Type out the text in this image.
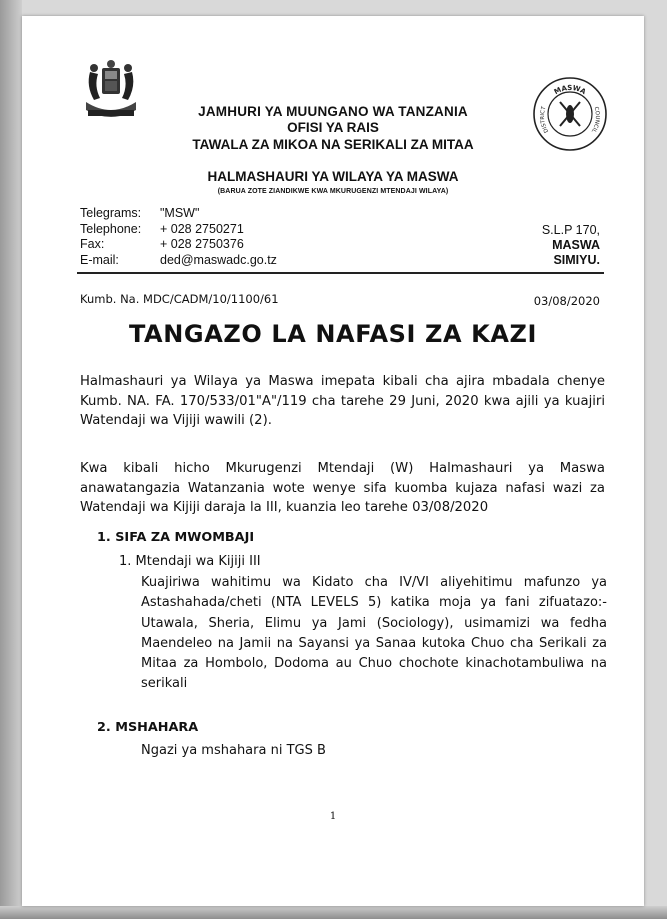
MASWA
DISTRICT	COUNCIL
JAMHURI YA MUUNGANO WA TANZANIA
OFISI YA RAIS
TAWALA ZA MIKOA NA SERIKALI ZA MITAA
HALMASHAURI YA WILAYA YA MASWA
(BARUA ZOTE ZIANDIKWE KWA MKURUGENZI MTENDAJI WILAYA)
Telegrams:	"MSW"
Telephone:	+ 028 2750271
Fax:	+ 028 2750376
E-mail:	ded@maswadc.go.tz
S.L.P 170,
MASWA
SIMIYU.
Kumb. Na. MDC/CADM/10/1100/61	03/08/2020
TANGAZO LA NAFASI ZA KAZI
Halmashauri ya Wilaya ya Maswa imepata kibali cha ajira mbadala chenye Kumb. NA. FA. 170/533/01"A"/119 cha tarehe 29 Juni, 2020 kwa ajili ya kuajiri Watendaji wa Vijiji wawili (2).
Kwa kibali hicho Mkurugenzi Mtendaji (W) Halmashauri ya Maswa anawatangazia Watanzania wote wenye sifa kuomba kujaza nafasi wazi za Watendaji wa Kijiji daraja la III, kuanzia leo tarehe 03/08/2020
1. SIFA ZA MWOMBAJI
1. Mtendaji wa Kijiji III
Kuajiriwa wahitimu wa Kidato cha IV/VI aliyehitimu mafunzo ya Astashahada/cheti (NTA LEVELS 5) katika moja ya fani zifuatazo:- Utawala, Sheria, Elimu ya Jami (Sociology), usimamizi wa fedha Maendeleo na Jamii na Sayansi ya Sanaa kutoka Chuo cha Serikali za Mitaa za Hombolo, Dodoma au Chuo chochote kinachotambuliwa na serikali
2. MSHAHARA
Ngazi ya mshahara ni TGS B
1
